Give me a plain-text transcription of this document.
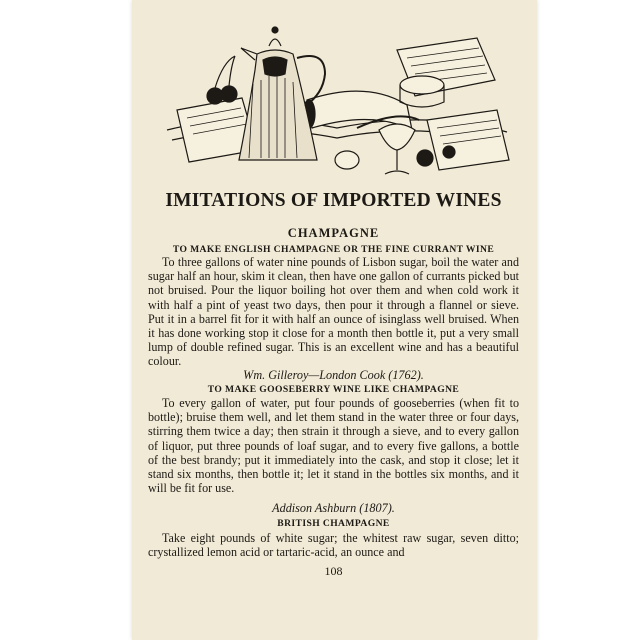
IMITATIONS OF IMPORTED WINES
CHAMPAGNE
TO MAKE ENGLISH CHAMPAGNE OR THE FINE CURRANT WINE

To three gallons of water nine pounds of Lisbon sugar, boil the water and sugar half an hour, skim it clean, then have one gallon of currants picked but not bruised. Pour the liquor boiling hot over them and when cold work it with half a pint of yeast two days, then pour it through a flannel or sieve. Put it in a barrel fit for it with half an ounce of isinglass well bruised. When it has done working stop it close for a month then bottle it, put a very small lump of double refined sugar. This is an excellent wine and has a beautiful colour.

Wm. Gilleroy—London Cook (1762).

TO MAKE GOOSEBERRY WINE LIKE CHAMPAGNE

To every gallon of water, put four pounds of gooseberries (when fit to bottle); bruise them well, and let them stand in the water three or four days, stirring them twice a day; then strain it through a sieve, and to every gallon of liquor, put three pounds of loaf sugar, and to every five gallons, a bottle of the best brandy; put it immediately into the cask, and stop it close; let it stand six months, then bottle it; let it stand in the bottles six months, and it will be fit for use.

Addison Ashburn (1807).

BRITISH CHAMPAGNE

Take eight pounds of white sugar; the whitest raw sugar, seven ditto; crystallized lemon acid or tartaric-acid, an ounce and

108
